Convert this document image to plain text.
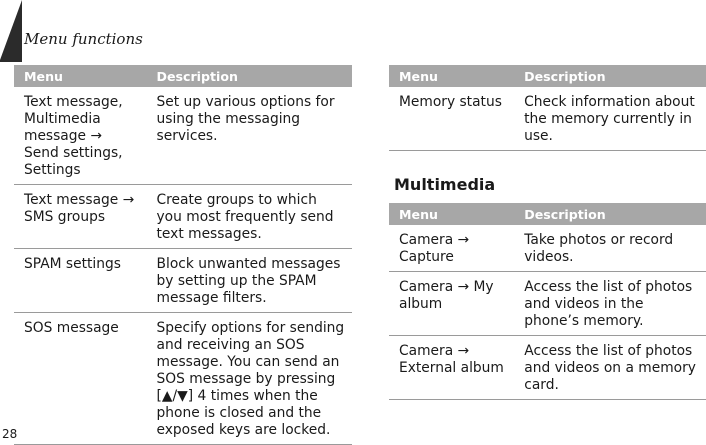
Menu functions
Menu	Description
Text message, Multimedia message → Send settings, Settings	Set up various options for using the messaging services.
Text message → SMS groups	Create groups to which you most frequently send text messages.
SPAM settings	Block unwanted messages by setting up the SPAM message filters.
SOS message	Specify options for sending and receiving an SOS message. You can send an SOS message by pressing [▲/▼] 4 times when the phone is closed and the exposed keys are locked.
Menu	Description
Memory status	Check information about the memory currently in use.
Multimedia
Menu	Description
Camera → Capture	Take photos or record videos.
Camera → My album	Access the list of photos and videos in the phone’s memory.
Camera → External album	Access the list of photos and videos on a memory card.
28
